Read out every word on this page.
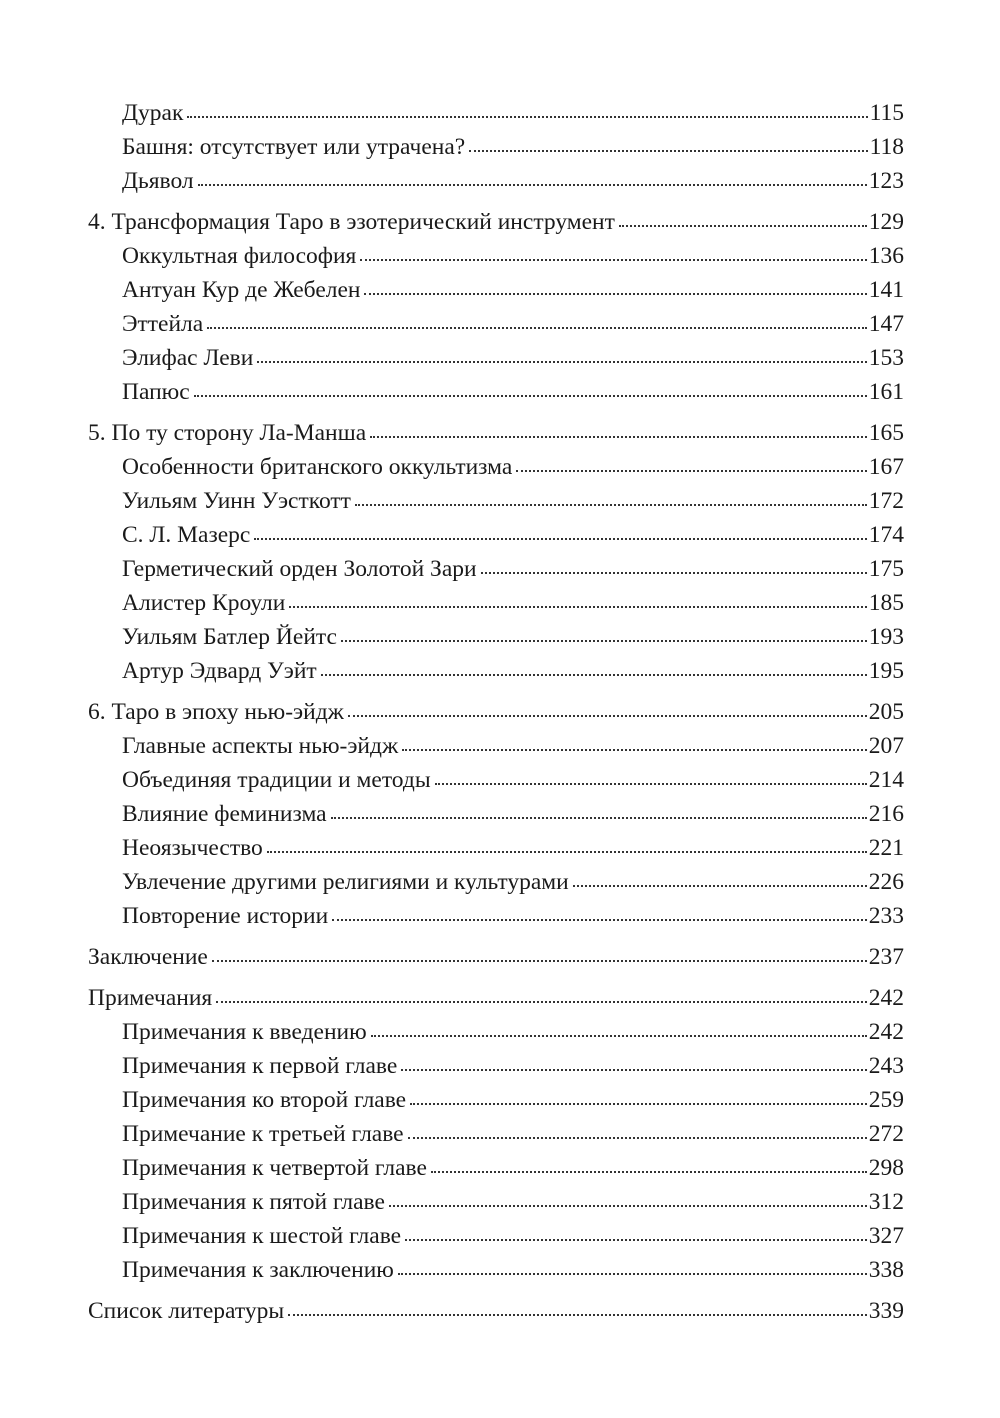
Дурак	115
Башня: отсутствует или утрачена?	118
Дьявол	123
4. Трансформация Таро в эзотерический инструмент	129
Оккультная философия	136
Антуан Кур де Жебелен	141
Эттейла	147
Элифас Леви	153
Папюс	161
5. По ту сторону Ла-Манша	165
Особенности британского оккультизма	167
Уильям Уинн Уэсткотт	172
С. Л. Мазерс	174
Герметический орден Золотой Зари	175
Алистер Кроули	185
Уильям Батлер Йейтс	193
Артур Эдвард Уэйт	195
6. Таро в эпоху нью-эйдж	205
Главные аспекты нью-эйдж	207
Объединяя традиции и методы	214
Влияние феминизма	216
Неоязычество	221
Увлечение другими религиями и культурами	226
Повторение истории	233
Заключение	237
Примечания	242
Примечания к введению	242
Примечания к первой главе	243
Примечания ко второй главе	259
Примечание к третьей главе	272
Примечания к четвертой главе	298
Примечания к пятой главе	312
Примечания к шестой главе	327
Примечания к заключению	338
Список литературы	339
